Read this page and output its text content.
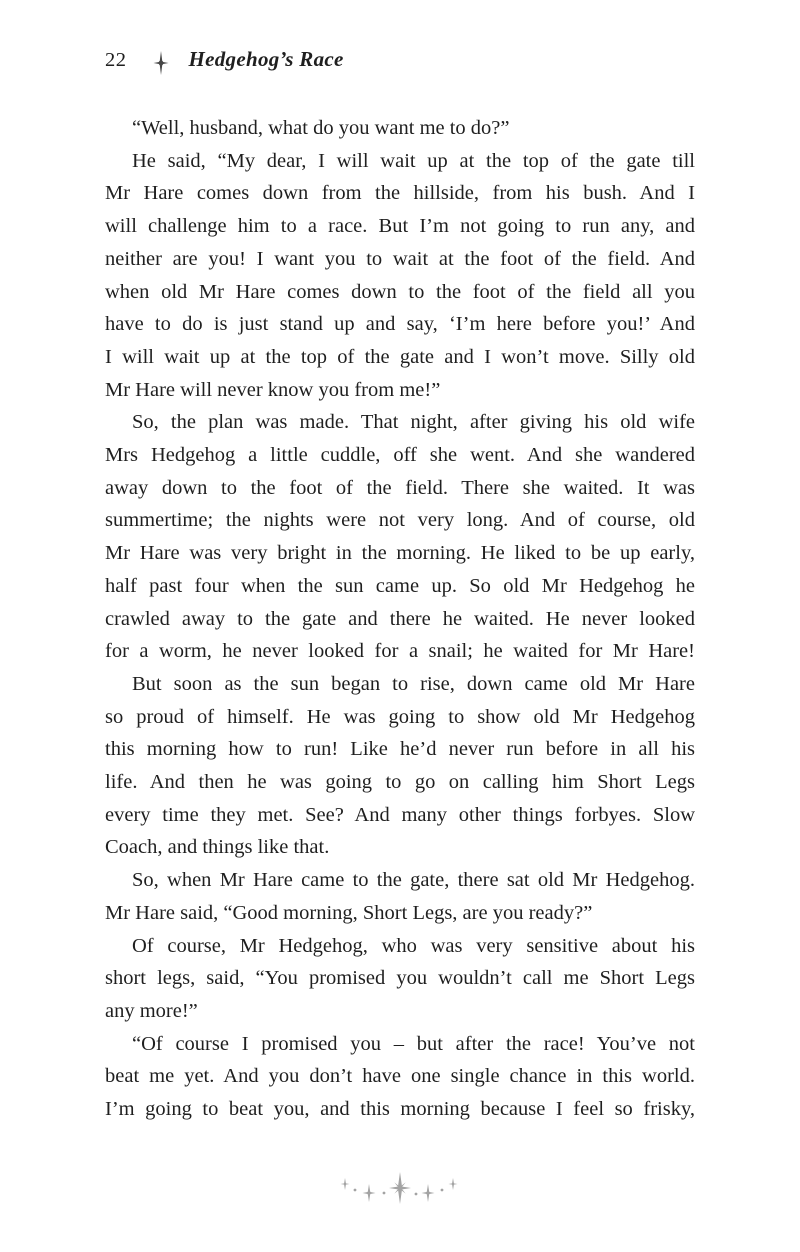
22	Hedgehog’s Race
“Well, husband, what do you want me to do?”
He said, “My dear, I will wait up at the top of the gate till
Mr Hare comes down from the hillside, from his bush. And I
will challenge him to a race. But I’m not going to run any, and
neither are you! I want you to wait at the foot of the field. And
when old Mr Hare comes down to the foot of the field all you
have to do is just stand up and say, ‘I’m here before you!’ And
I will wait up at the top of the gate and I won’t move. Silly old
Mr Hare will never know you from me!”
So, the plan was made. That night, after giving his old wife
Mrs Hedgehog a little cuddle, off she went. And she wandered
away down to the foot of the field. There she waited. It was
summertime; the nights were not very long. And of course, old
Mr Hare was very bright in the morning. He liked to be up early,
half past four when the sun came up. So old Mr Hedgehog he
crawled away to the gate and there he waited. He never looked
for a worm, he never looked for a snail; he waited for Mr Hare!
But soon as the sun began to rise, down came old Mr Hare
so proud of himself. He was going to show old Mr Hedgehog
this morning how to run! Like he’d never run before in all his
life. And then he was going to go on calling him Short Legs
every time they met. See? And many other things forbyes. Slow
Coach, and things like that.
So, when Mr Hare came to the gate, there sat old Mr Hedgehog.
Mr Hare said, “Good morning, Short Legs, are you ready?”
Of course, Mr Hedgehog, who was very sensitive about his
short legs, said, “You promised you wouldn’t call me Short Legs
any more!”
“Of course I promised you – but after the race! You’ve not
beat me yet. And you don’t have one single chance in this world.
I’m going to beat you, and this morning because I feel so frisky,
